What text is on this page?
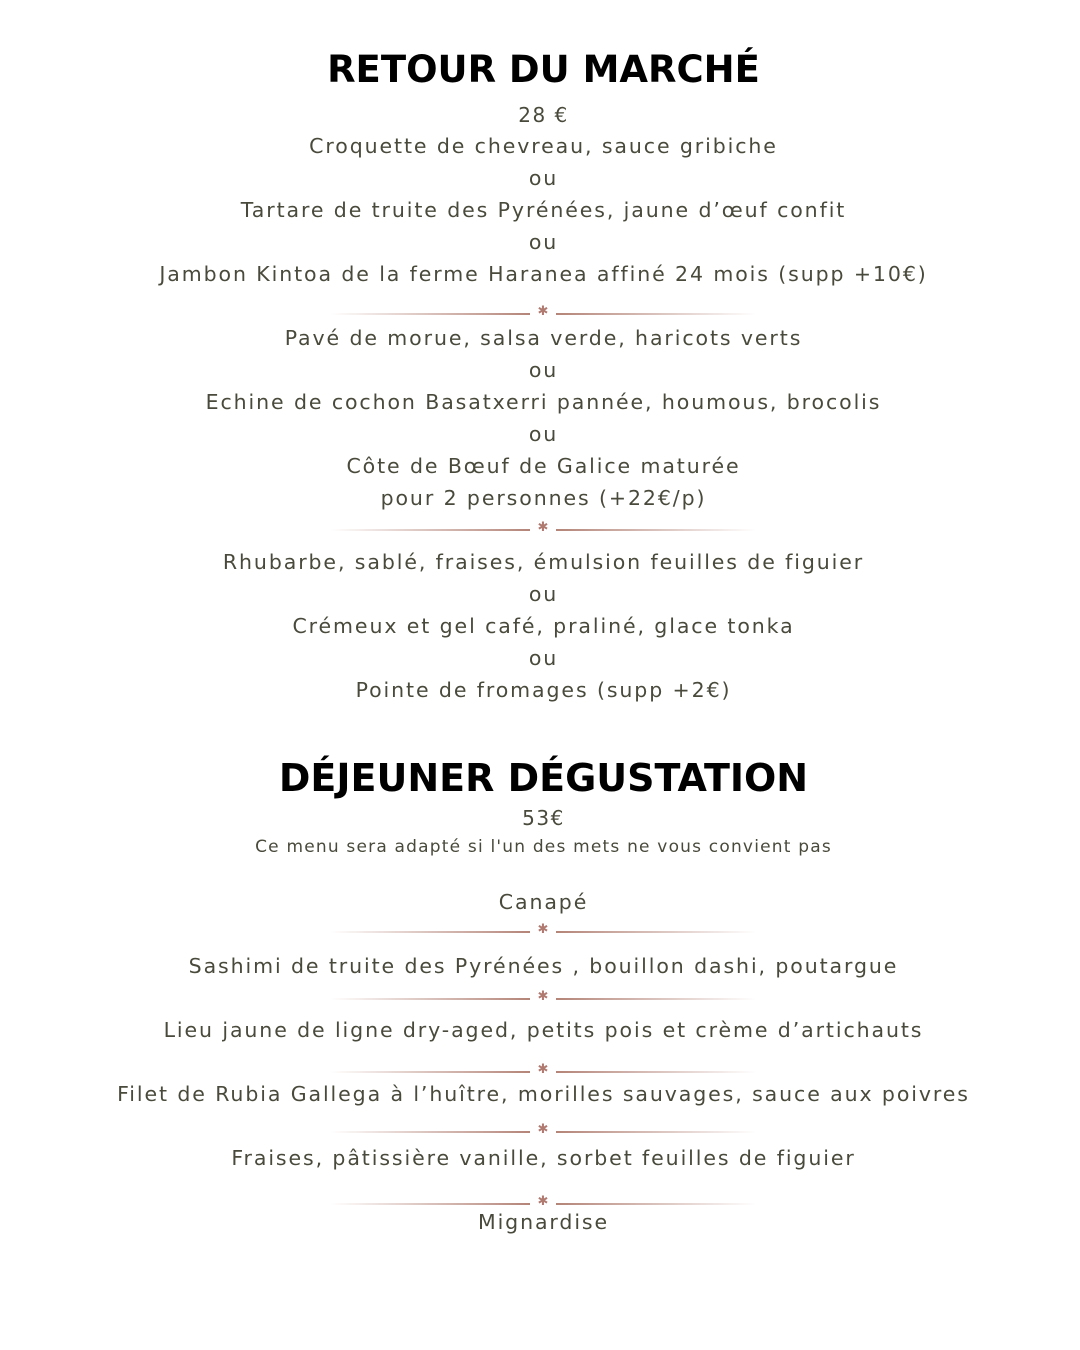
RETOUR DU MARCHÉ
28 €
Croquette de chevreau, sauce gribiche
ou
Tartare de truite des Pyrénées, jaune d’œuf confit
ou
Jambon Kintoa de la ferme Haranea affiné 24 mois (supp +10€)
✱
Pavé de morue, salsa verde, haricots verts
ou
Echine de cochon Basatxerri pannée, houmous, brocolis
ou
Côte de Bœuf de Galice maturée
pour 2 personnes (+22€/p)
✱
Rhubarbe, sablé, fraises, émulsion feuilles de figuier
ou
Crémeux et gel café, praliné, glace tonka
ou
Pointe de fromages (supp +2€)
DÉJEUNER DÉGUSTATION
53€
Ce menu sera adapté si l'un des mets ne vous convient pas
Canapé
✱
Sashimi de truite des Pyrénées , bouillon dashi, poutargue
✱
Lieu jaune de ligne dry-aged, petits pois et crème d’artichauts
✱
Filet de Rubia Gallega à l’huître, morilles sauvages, sauce aux poivres
✱
Fraises, pâtissière vanille, sorbet feuilles de figuier
✱
Mignardise
